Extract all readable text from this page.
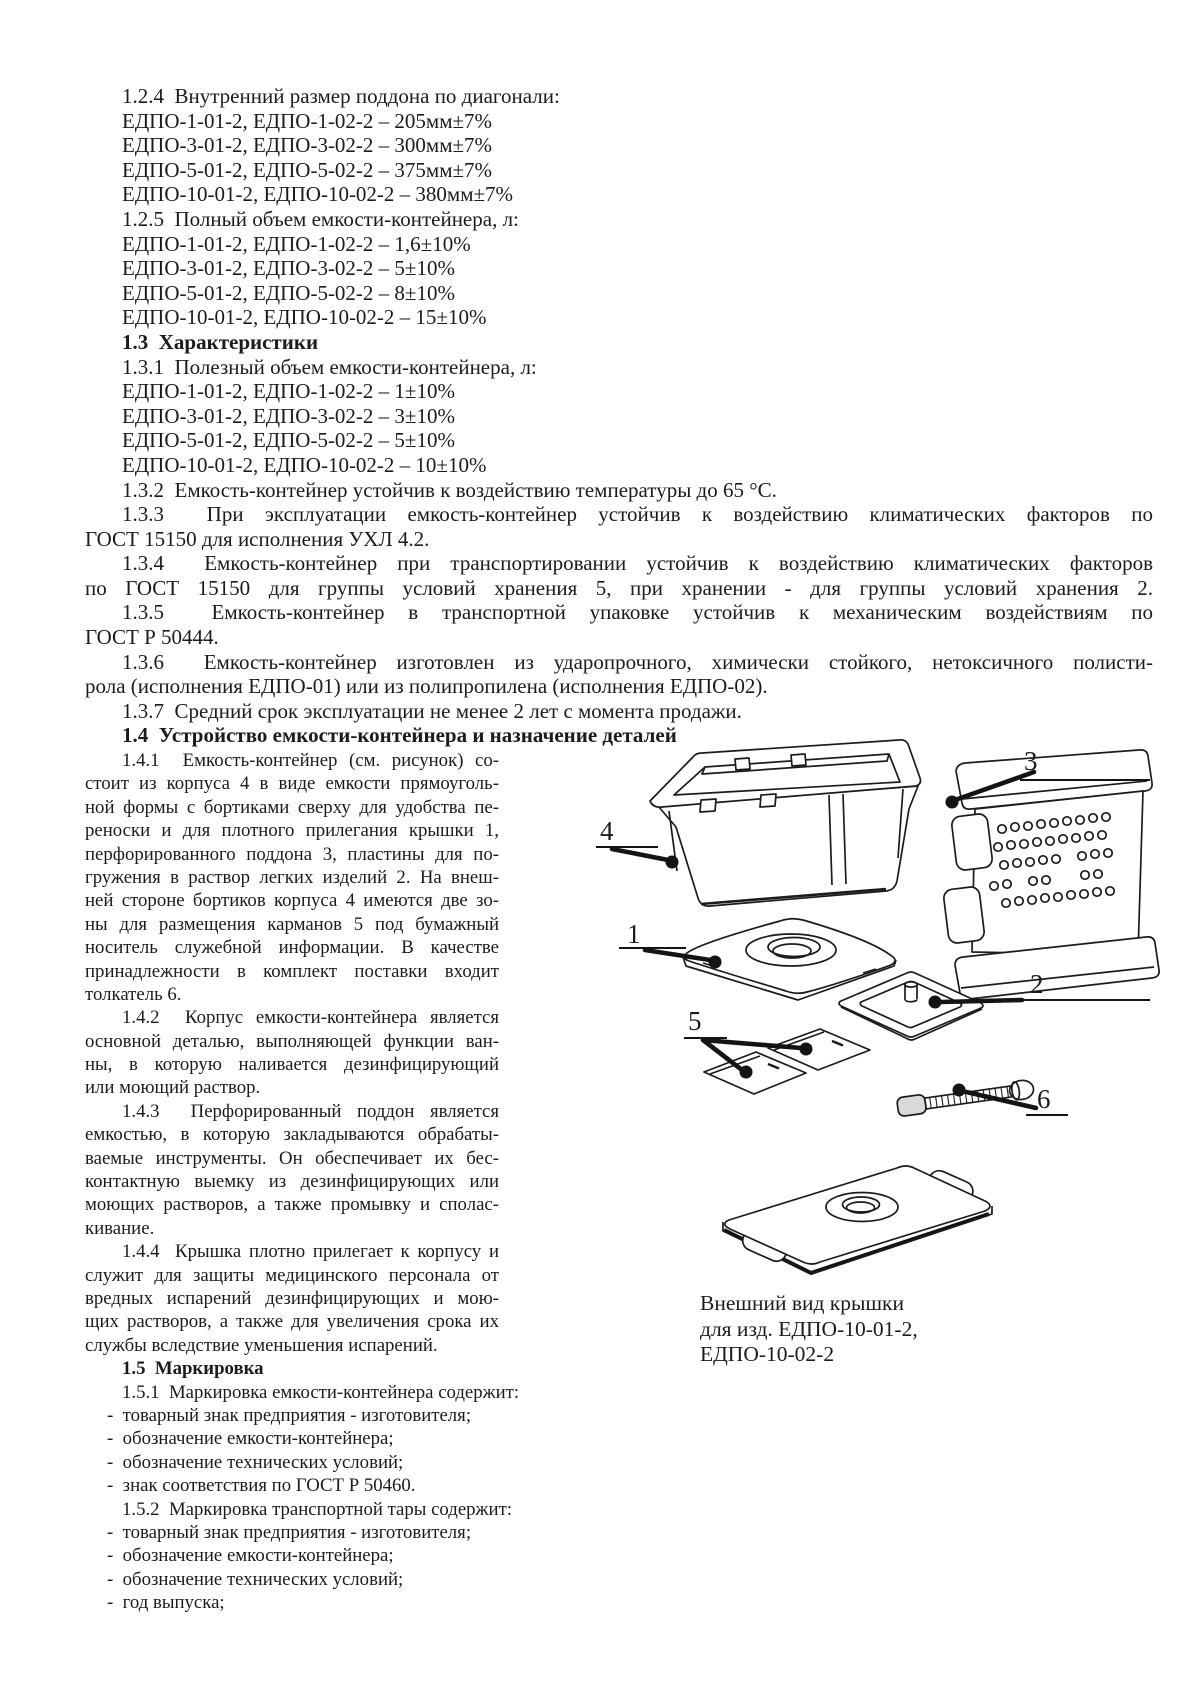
1.2.4  Внутренний размер поддона по диагонали:
ЕДПО-1-01-2, ЕДПО-1-02-2 – 205мм±7%
ЕДПО-3-01-2, ЕДПО-3-02-2 – 300мм±7%
ЕДПО-5-01-2, ЕДПО-5-02-2 – 375мм±7%
ЕДПО-10-01-2, ЕДПО-10-02-2 – 380мм±7%
1.2.5  Полный объем емкости-контейнера, л:
ЕДПО-1-01-2, ЕДПО-1-02-2 – 1,6±10%
ЕДПО-3-01-2, ЕДПО-3-02-2 – 5±10%
ЕДПО-5-01-2, ЕДПО-5-02-2 – 8±10%
ЕДПО-10-01-2, ЕДПО-10-02-2 – 15±10%
1.3  Характеристики
1.3.1  Полезный объем емкости-контейнера, л:
ЕДПО-1-01-2, ЕДПО-1-02-2 – 1±10%
ЕДПО-3-01-2, ЕДПО-3-02-2 – 3±10%
ЕДПО-5-01-2, ЕДПО-5-02-2 – 5±10%
ЕДПО-10-01-2, ЕДПО-10-02-2 – 10±10%
1.3.2  Емкость-контейнер устойчив к воздействию температуры до 65 °С.
1.3.3  При эксплуатации емкость-контейнер устойчив к воздействию климатических факторов по
ГОСТ 15150 для исполнения УХЛ 4.2.
1.3.4  Емкость-контейнер при транспортировании устойчив к воздействию климатических факторов
по ГОСТ 15150 для группы условий хранения 5, при хранении - для группы условий хранения 2.
1.3.5  Емкость-контейнер в транспортной упаковке устойчив к механическим воздействиям по
ГОСТ Р 50444.
1.3.6  Емкость-контейнер изготовлен из ударопрочного, химически стойкого, нетоксичного полисти-
рола (исполнения ЕДПО-01) или из полипропилена (исполнения ЕДПО-02).
1.3.7  Средний срок эксплуатации не менее 2 лет с момента продажи.
1.4  Устройство емкости-контейнера и назначение деталей
1.4.1  Емкость-контейнер (см. рисунок) со-
стоит из корпуса 4 в виде емкости прямоуголь-
ной формы с бортиками сверху для удобства пе-
реноски и для плотного прилегания крышки 1,
перфорированного поддона 3, пластины для по-
гружения в раствор легких изделий 2. На внеш-
ней стороне бортиков корпуса 4 имеются две зо-
ны для размещения карманов 5 под бумажный
носитель служебной информации. В качестве
принадлежности в комплект поставки входит
толкатель 6.
1.4.2  Корпус емкости-контейнера является
основной деталью, выполняющей функции ван-
ны, в которую наливается дезинфицирующий
или моющий раствор.
1.4.3  Перфорированный поддон является
емкостью, в которую закладываются обрабаты-
ваемые инструменты. Он обеспечивает их бес-
контактную выемку из дезинфицирующих или
моющих растворов, а также промывку и сполас-
кивание.
1.4.4  Крышка плотно прилегает к корпусу и
служит для защиты медицинского персонала от
вредных испарений дезинфицирующих и мою-
щих растворов, а также для увеличения срока их
службы вследствие уменьшения испарений.
1.5  Маркировка
1.5.1  Маркировка емкости-контейнера содержит:
-  товарный знак предприятия - изготовителя;
-  обозначение емкости-контейнера;
-  обозначение технических условий;
-  знак соответствия по ГОСТ Р 50460.
1.5.2  Маркировка транспортной тары содержит:
-  товарный знак предприятия - изготовителя;
-  обозначение емкости-контейнера;
-  обозначение технических условий;
-  год выпуска;
1
2
3
4
5
6
Внешний вид крышки
для изд. ЕДПО-10-01-2,
ЕДПО-10-02-2
